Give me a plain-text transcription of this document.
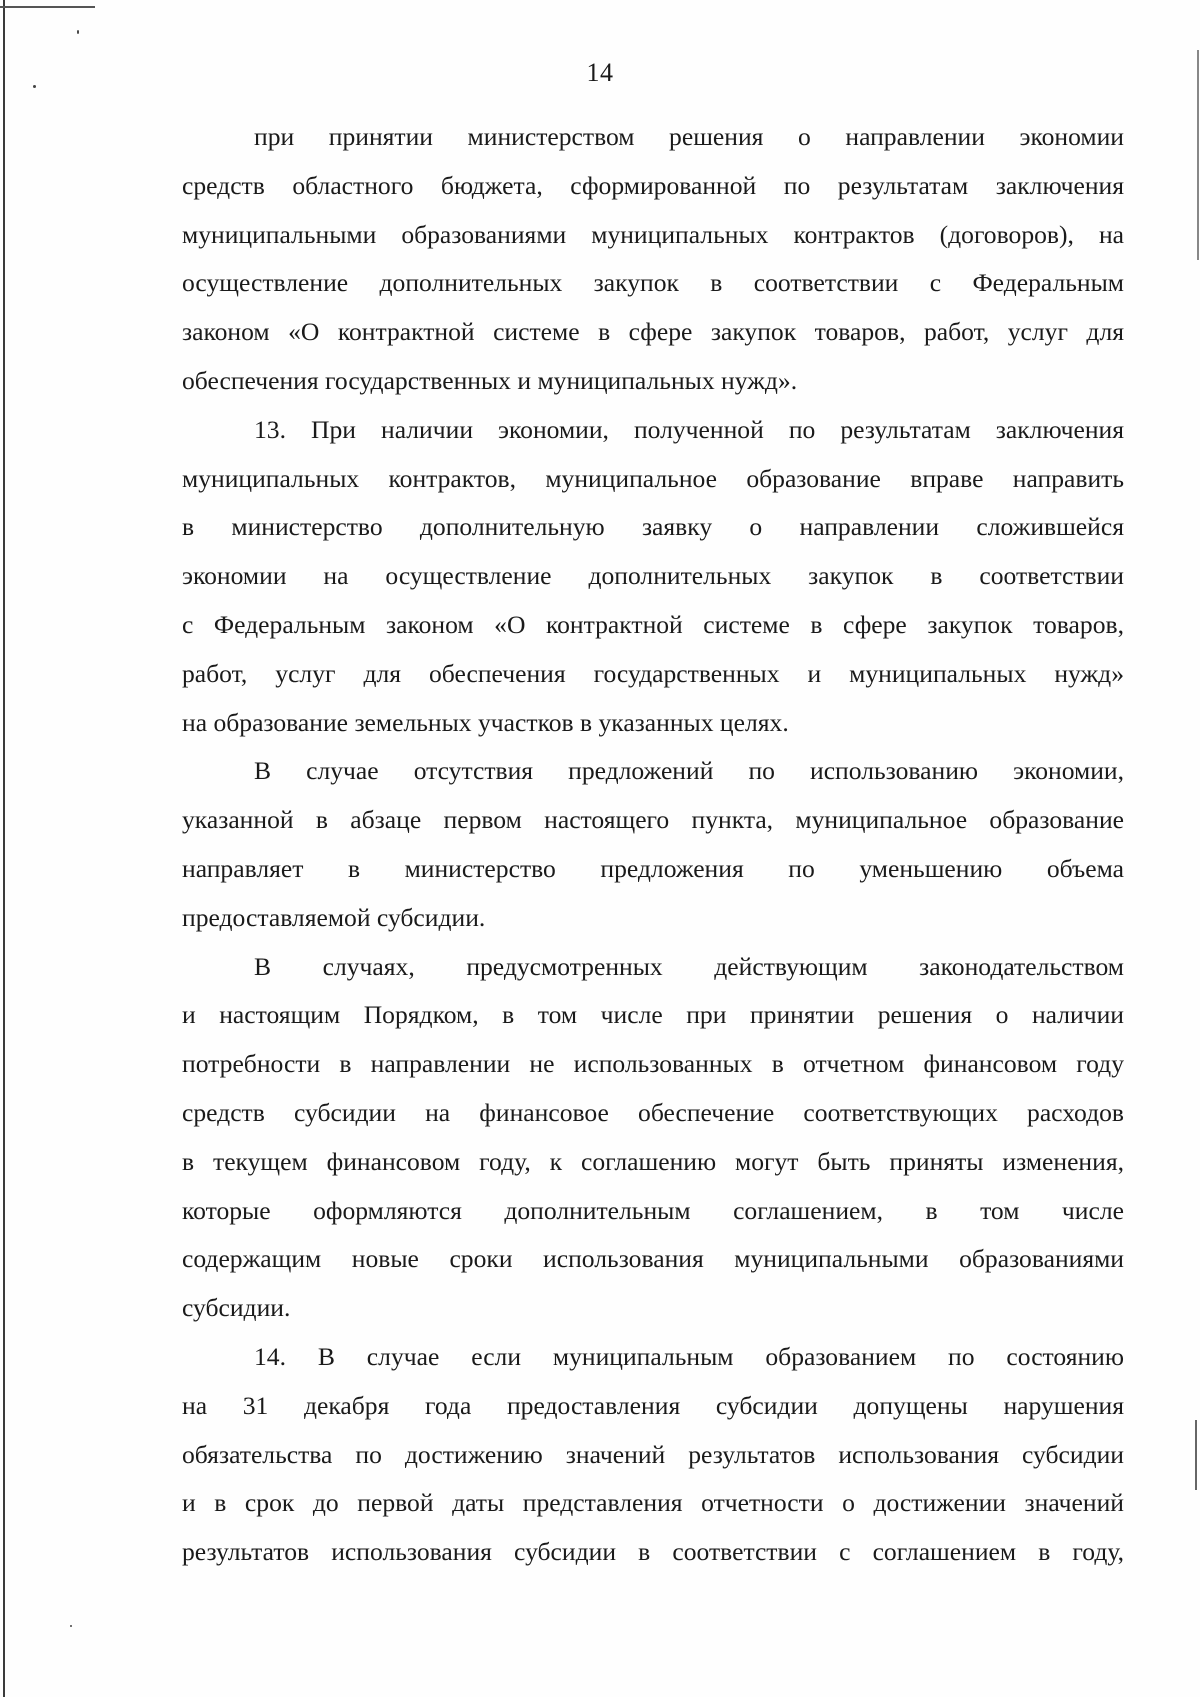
14
при принятии министерством решения о направлении экономии
средств областного бюджета, сформированной по результатам заключения
муниципальными образованиями муниципальных контрактов (договоров), на
осуществление дополнительных закупок в соответствии с Федеральным
законом «О контрактной системе в сфере закупок товаров, работ, услуг для
обеспечения государственных и муниципальных нужд».
13. При наличии экономии, полученной по результатам заключения
муниципальных контрактов, муниципальное образование вправе направить
в министерство дополнительную заявку о направлении сложившейся
экономии на осуществление дополнительных закупок в соответствии
с Федеральным законом «О контрактной системе в сфере закупок товаров,
работ, услуг для обеспечения государственных и муниципальных нужд»
на образование земельных участков в указанных целях.
В случае отсутствия предложений по использованию экономии,
указанной в абзаце первом настоящего пункта, муниципальное образование
направляет в министерство предложения по уменьшению объема
предоставляемой субсидии.
В случаях, предусмотренных действующим законодательством
и настоящим Порядком, в том числе при принятии решения о наличии
потребности в направлении не использованных в отчетном финансовом году
средств субсидии на финансовое обеспечение соответствующих расходов
в текущем финансовом году, к соглашению могут быть приняты изменения,
которые оформляются дополнительным соглашением, в том числе
содержащим новые сроки использования муниципальными образованиями
субсидии.
14. В случае если муниципальным образованием по состоянию
на 31 декабря года предоставления субсидии допущены нарушения
обязательства по достижению значений результатов использования субсидии
и в срок до первой даты представления отчетности о достижении значений
результатов использования субсидии в соответствии с соглашением в году,
